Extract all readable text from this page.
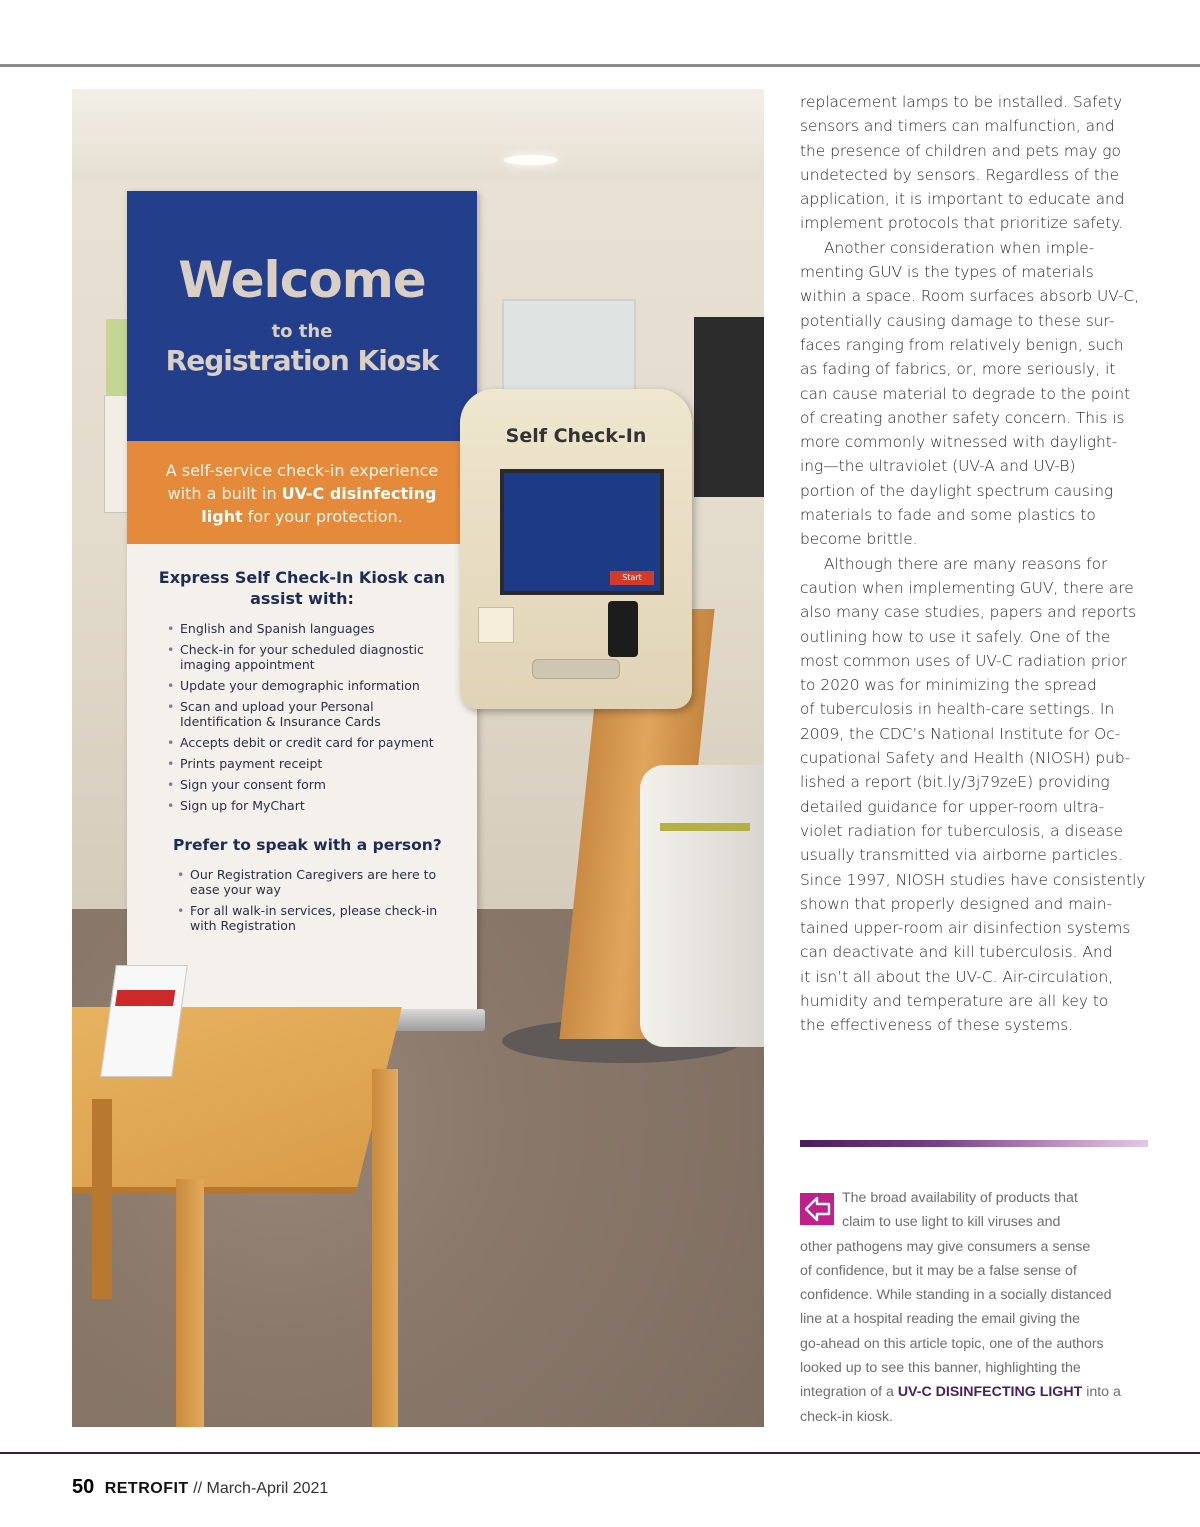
Welcome
to the
Registration Kiosk
A self-service check-in experience with a built in UV-C disinfecting light for your protection.
Express Self Check-In Kiosk can assist with:
• English and Spanish languages
• Check-in for your scheduled diagnostic imaging appointment
• Update your demographic information
• Scan and upload your Personal Identification & Insurance Cards
• Accepts debit or credit card for payment
• Prints payment receipt
• Sign your consent form
• Sign up for MyChart
Prefer to speak with a person?
• Our Registration Caregivers are here to ease your way
• For all walk-in services, please check-in with Registration
Self Check-In
Start

replacement lamps to be installed. Safety
sensors and timers can malfunction, and
the presence of children and pets may go
undetected by sensors. Regardless of the
application, it is important to educate and
implement protocols that prioritize safety.

Another consideration when imple-
menting GUV is the types of materials
within a space. Room surfaces absorb UV-C,
potentially causing damage to these sur-
faces ranging from relatively benign, such
as fading of fabrics, or, more seriously, it
can cause material to degrade to the point
of creating another safety concern. This is
more commonly witnessed with daylight-
ing—the ultraviolet (UV-A and UV-B)
portion of the daylight spectrum causing
materials to fade and some plastics to
become brittle.

Although there are many reasons for
caution when implementing GUV, there are
also many case studies, papers and reports
outlining how to use it safely. One of the
most common uses of UV-C radiation prior
to 2020 was for minimizing the spread
of tuberculosis in health-care settings. In
2009, the CDC’s National Institute for Oc-
cupational Safety and Health (NIOSH) pub-
lished a report (bit.ly/3j79zeE) providing
detailed guidance for upper-room ultra-
violet radiation for tuberculosis, a disease
usually transmitted via airborne particles.
Since 1997, NIOSH studies have consistently
shown that properly designed and main-
tained upper-room air disinfection systems
can deactivate and kill tuberculosis. And
it isn’t all about the UV-C. Air-circulation,
humidity and temperature are all key to
the effectiveness of these systems.

The broad availability of products that
claim to use light to kill viruses and
other pathogens may give consumers a sense
of confidence, but it may be a false sense of
confidence. While standing in a socially distanced
line at a hospital reading the email giving the
go-ahead on this article topic, one of the authors
looked up to see this banner, highlighting the
integration of a UV-C DISINFECTING LIGHT into a
check-in kiosk.
50 RETROFIT // March-April 2021
